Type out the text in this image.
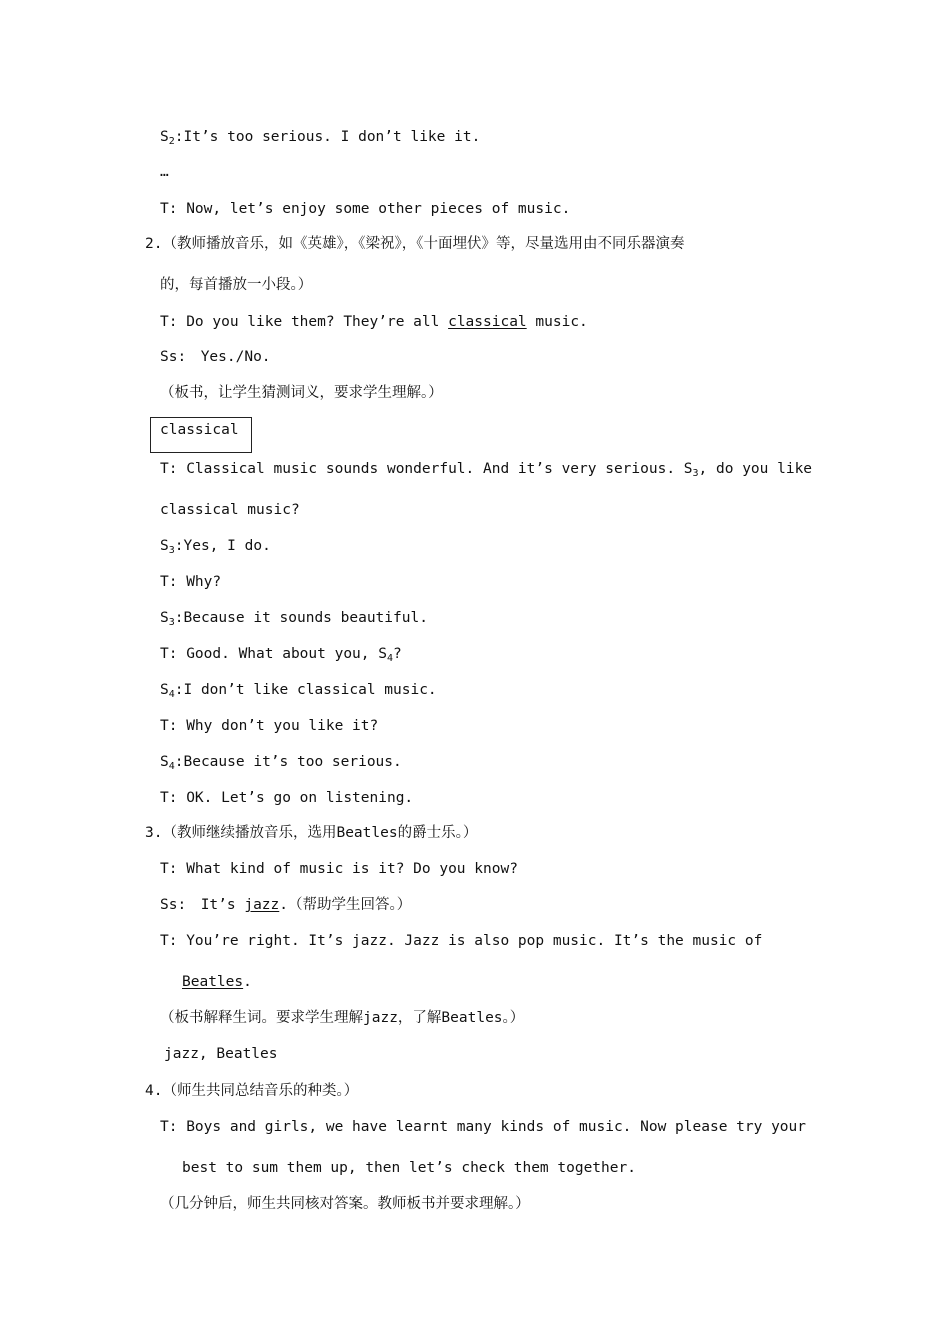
$S_2:It’s$ too serious. I don’t like it.
…
T: Now, let’s enjoy some other pieces of music.
2.（教师播放音乐，如《英雄》，《梁祝》，《十面埋伏》等，尽量选用由不同乐器演奏
的，每首播放一小段。）
T: Do you like them? They’re all classical music.
Ss:　Yes./No.
（板书，让学生猜测词义，要求学生理解。）
classical
T: Classical music sounds wonderful. And it’s very serious. $S_3$, do you like
classical music?
$S_3:Yes$, I do.
T: Why?
$S_3:Because$ it sounds beautiful.
T: Good. What about you, $S_4$?
$S_4:I$ don’t like classical music.
T: Why don’t you like it?
$S_4:Because$ it’s too serious.
T: OK. Let’s go on listening.
3.（教师继续播放音乐，选用Beatles的爵士乐。）
T: What kind of music is it? Do you know?
Ss:　It’s jazz.（帮助学生回答。）
T: You’re right. It’s jazz. Jazz is also pop music. It’s the music of
Beatles.
（板书解释生词。要求学生理解jazz，了解Beatles。）
jazz, Beatles
4.（师生共同总结音乐的种类。）
T: Boys and girls, we have learnt many kinds of music. Now please try your
best to sum them up, then let’s check them together.
（几分钟后，师生共同核对答案。教师板书并要求理解。）
